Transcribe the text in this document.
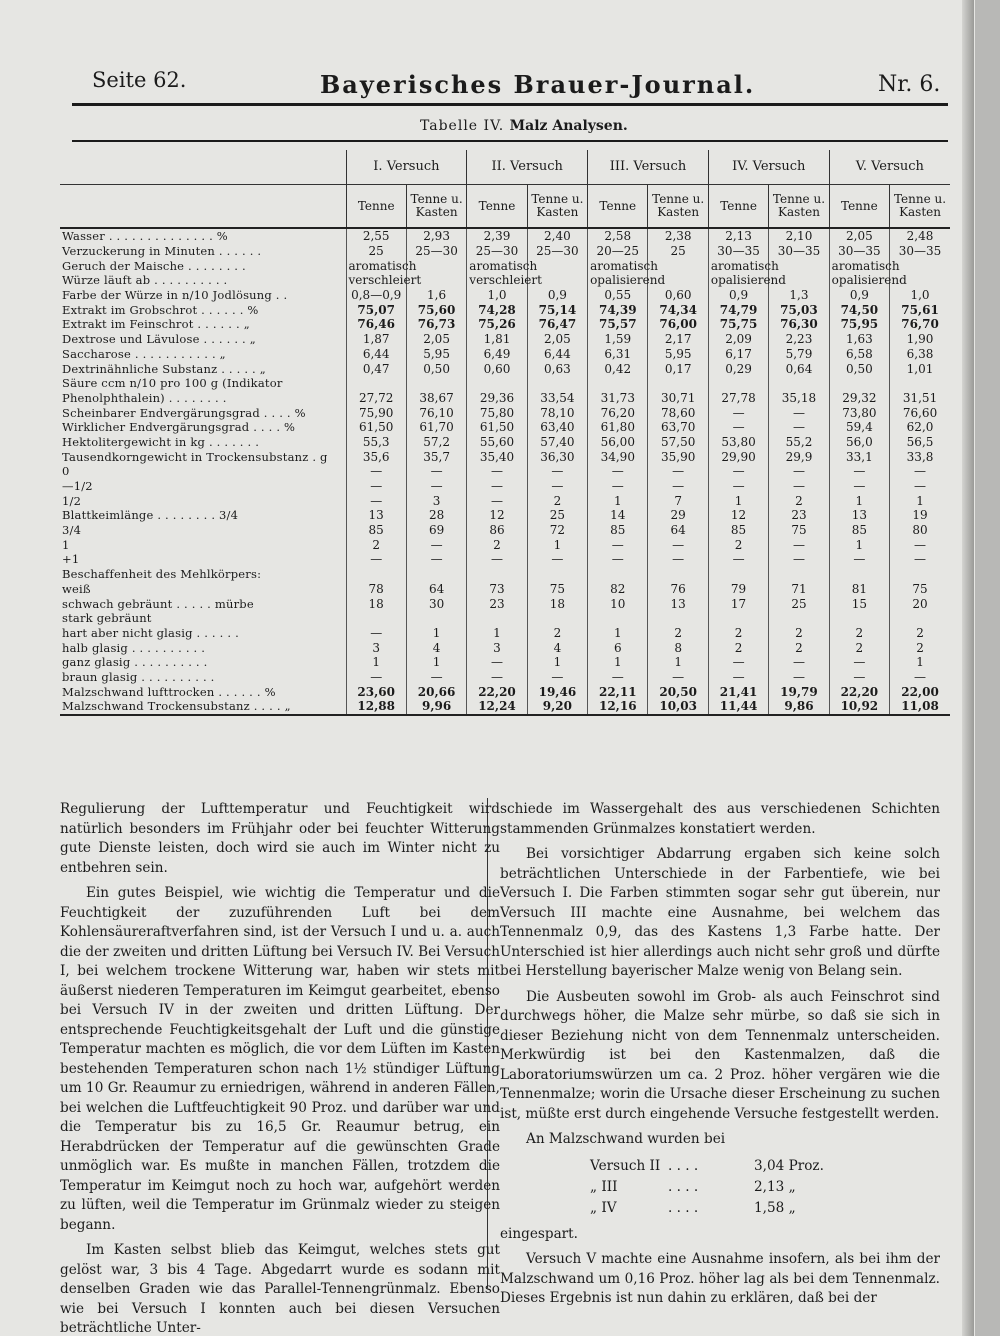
Seite 62.	Bayerisches Brauer-Journal.	Nr. 6.
Tabelle IV. Malz Analysen.
	I. Versuch		II. Versuch		III. Versuch		IV. Versuch		V. Versuch	
	Tenne	Tenne u. Kasten	Tenne	Tenne u. Kasten	Tenne	Tenne u. Kasten	Tenne	Tenne u. Kasten	Tenne	Tenne u. Kasten
Wasser . . . . . . . . . . . . . . %	2,55	2,93	2,39	2,40	2,58	2,38	2,13	2,10	2,05	2,48
Verzuckerung in Minuten . . . . . .	25	25—30	25—30	25—30	20—25	25	30—35	30—35	30—35	30—35
Geruch der Maische . . . . . . . .	aromatisch		aromatisch		aromatisch		aromatisch		aromatisch	
Würze läuft ab . . . . . . . . . .	verschleiert		verschleiert		opalisierend		opalisierend		opalisierend	
Farbe der Würze in n/10 Jodlösung . .	0,8—0,9	1,6	1,0	0,9	0,55	0,60	0,9	1,3	0,9	1,0
Extrakt im Grobschrot . . . . . . %	75,07	75,60	74,28	75,14	74,39	74,34	74,79	75,03	74,50	75,61
Extrakt im Feinschrot . . . . . . „	76,46	76,73	75,26	76,47	75,57	76,00	75,75	76,30	75,95	76,70
Dextrose und Lävulose . . . . . . „	1,87	2,05	1,81	2,05	1,59	2,17	2,09	2,23	1,63	1,90
Saccharose . . . . . . . . . . . „	6,44	5,95	6,49	6,44	6,31	5,95	6,17	5,79	6,58	6,38
Dextrinähnliche Substanz . . . . . „	0,47	0,50	0,60	0,63	0,42	0,17	0,29	0,64	0,50	1,01
Säure ccm n/10 pro 100 g (Indikator										
Phenolphthalein) . . . . . . . .	27,72	38,67	29,36	33,54	31,73	30,71	27,78	35,18	29,32	31,51
Scheinbarer Endvergärungsgrad . . . . %	75,90	76,10	75,80	78,10	76,20	78,60	—	—	73,80	76,60
Wirklicher Endvergärungsgrad . . . . %	61,50	61,70	61,50	63,40	61,80	63,70	—	—	59,4	62,0
Hektolitergewicht in kg . . . . . . .	55,3	57,2	55,60	57,40	56,00	57,50	53,80	55,2	56,0	56,5
Tausendkorngewicht in Trockensubstanz . g	35,6	35,7	35,40	36,30	34,90	35,90	29,90	29,9	33,1	33,8
0	—	—	—	—	—	—	—	—	—	—
—1/2	—	—	—	—	—	—	—	—	—	—
1/2	—	3	—	2	1	7	1	2	1	1
Blattkeimlänge . . . . . . . . 3/4	13	28	12	25	14	29	12	23	13	19
3/4	85	69	86	72	85	64	85	75	85	80
1	2	—	2	1	—	—	2	—	1	—
+1	—	—	—	—	—	—	—	—	—	—
Beschaffenheit des Mehlkörpers:										
weiß	78	64	73	75	82	76	79	71	81	75
schwach gebräunt . . . . . mürbe	18	30	23	18	10	13	17	25	15	20
stark gebräunt										
hart aber nicht glasig . . . . . .	—	1	1	2	1	2	2	2	2	2
halb glasig . . . . . . . . . .	3	4	3	4	6	8	2	2	2	2
ganz glasig . . . . . . . . . .	1	1	—	1	1	1	—	—	—	1
braun glasig . . . . . . . . . .	—	—	—	—	—	—	—	—	—	—
Malzschwand lufttrocken . . . . . . %	23,60	20,66	22,20	19,46	22,11	20,50	21,41	19,79	22,20	22,00
Malzschwand Trockensubstanz . . . . „	12,88	9,96	12,24	9,20	12,16	10,03	11,44	9,86	10,92	11,08

Regulierung der Lufttemperatur und Feuchtigkeit wird natürlich besonders im Frühjahr oder bei feuchter Witterung gute Dienste leisten, doch wird sie auch im Winter nicht zu entbehren sein.

Ein gutes Beispiel, wie wichtig die Temperatur und die Feuchtigkeit der zuzuführenden Luft bei dem Kohlensäureraftverfahren sind, ist der Versuch I und u. a. auch die der zweiten und dritten Lüftung bei Versuch IV. Bei Versuch I, bei welchem trockene Witterung war, haben wir stets mit äußerst niederen Temperaturen im Keimgut gearbeitet, ebenso bei Versuch IV in der zweiten und dritten Lüftung. Der entsprechende Feuchtigkeitsgehalt der Luft und die günstige Temperatur machten es möglich, die vor dem Lüften im Kasten bestehenden Temperaturen schon nach 1½ stündiger Lüftung um 10 Gr. Reaumur zu erniedrigen, während in anderen Fällen, bei welchen die Luftfeuchtigkeit 90 Proz. und darüber war und die Temperatur bis zu 16,5 Gr. Reaumur betrug, ein Herabdrücken der Temperatur auf die gewünschten Grade unmöglich war. Es mußte in manchen Fällen, trotzdem die Temperatur im Keimgut noch zu hoch war, aufgehört werden zu lüften, weil die Temperatur im Grünmalz wieder zu steigen begann.

Im Kasten selbst blieb das Keimgut, welches stets gut gelöst war, 3 bis 4 Tage. Abgedarrt wurde es sodann mit denselben Graden wie das Parallel-Tennengrünmalz. Ebenso wie bei Versuch I konnten auch bei diesen Versuchen beträchtliche Unter-

schiede im Wassergehalt des aus verschiedenen Schichten stammenden Grünmalzes konstatiert werden.

Bei vorsichtiger Abdarrung ergaben sich keine solch beträchtlichen Unterschiede in der Farbentiefe, wie bei Versuch I. Die Farben stimmten sogar sehr gut überein, nur Versuch III machte eine Ausnahme, bei welchem das Tennenmalz 0,9, das des Kastens 1,3 Farbe hatte. Der Unterschied ist hier allerdings auch nicht sehr groß und dürfte bei Herstellung bayerischer Malze wenig von Belang sein.

Die Ausbeuten sowohl im Grob- als auch Feinschrot sind durchwegs höher, die Malze sehr mürbe, so daß sie sich in dieser Beziehung nicht von dem Tennenmalz unterscheiden. Merkwürdig ist bei den Kastenmalzen, daß die Laboratoriumswürzen um ca. 2 Proz. höher vergären wie die Tennenmalze; worin die Ursache dieser Erscheinung zu suchen ist, müßte erst durch eingehende Versuche festgestellt werden.

An Malzschwand wurden bei

Versuch II . . . .	3,04 Proz.
„ III	. . . .	2,13 „
„ IV	. . . .	1,58 „

eingespart.

Versuch V machte eine Ausnahme insofern, als bei ihm der Malzschwand um 0,16 Proz. höher lag als bei dem Tennenmalz. Dieses Ergebnis ist nun dahin zu erklären, daß bei der
